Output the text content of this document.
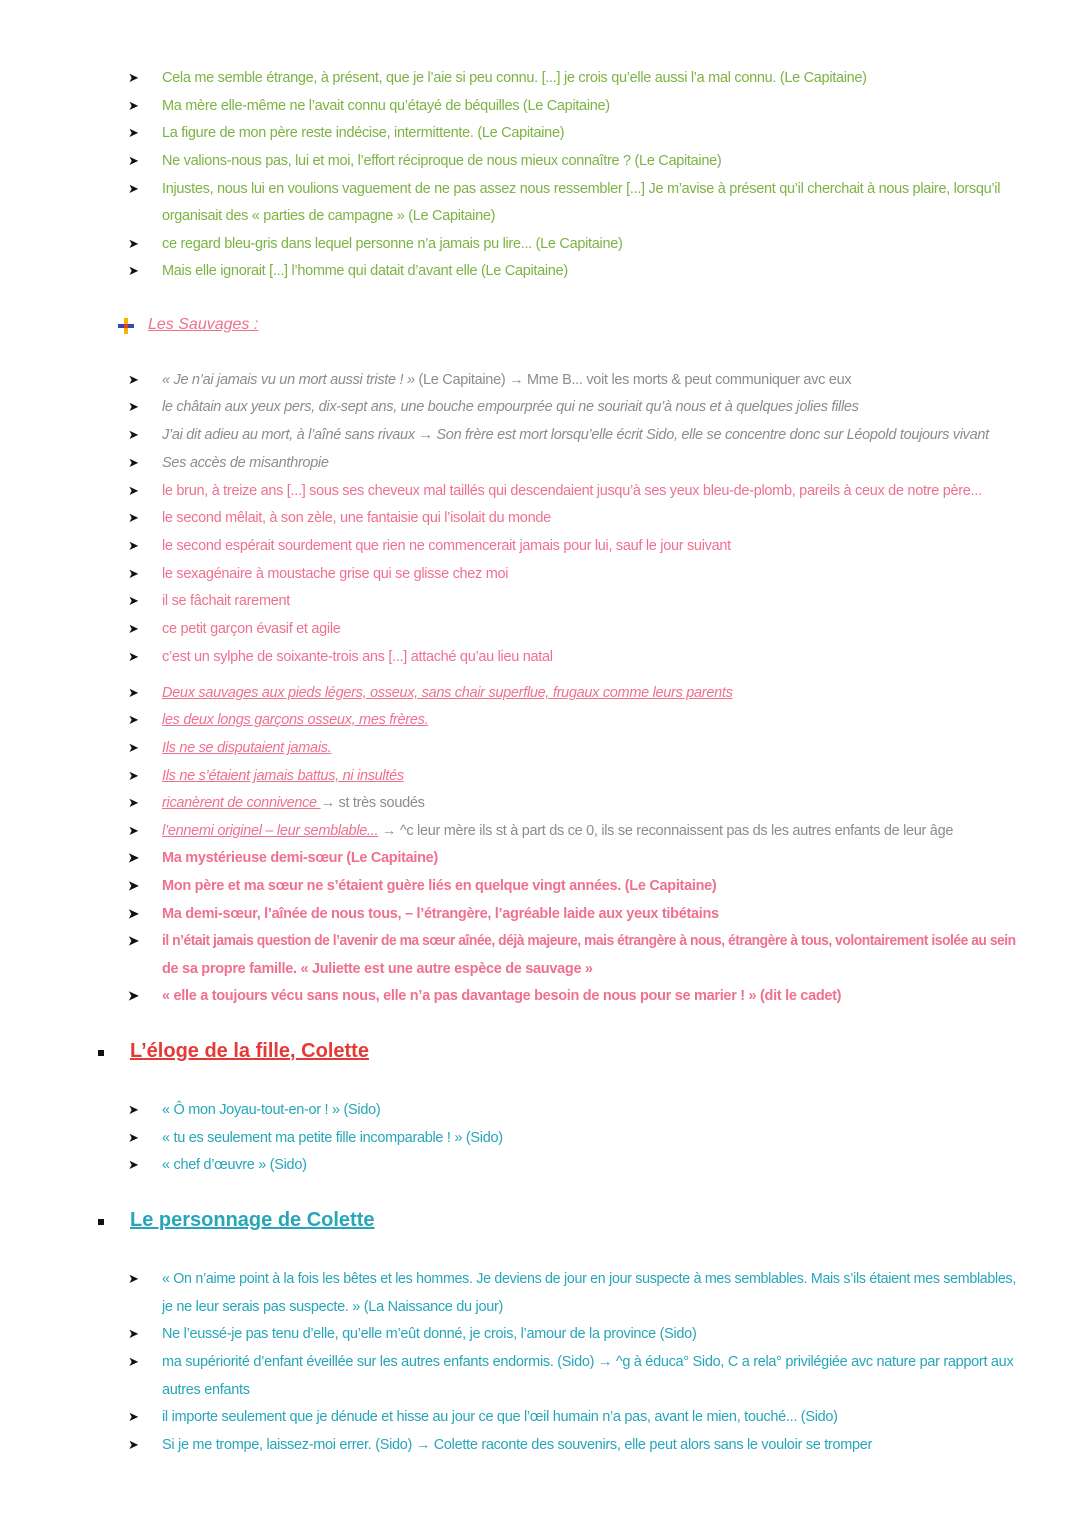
➤	Cela me semble étrange, à présent, que je l’aie si peu connu. [...] je crois qu’elle aussi l’a mal connu. (Le Capitaine)
➤	Ma mère elle-même ne l’avait connu qu’étayé de béquilles (Le Capitaine)
➤	La figure de mon père reste indécise, intermittente. (Le Capitaine)
➤	Ne valions-nous pas, lui et moi, l’effort réciproque de nous mieux connaître ? (Le Capitaine)
➤	Injustes, nous lui en voulions vaguement de ne pas assez nous ressembler [...] Je m’avise à présent qu’il cherchait à nous plaire, lorsqu’il
organisait des « parties de campagne » (Le Capitaine)
➤	ce regard bleu-gris dans lequel personne n’a jamais pu lire... (Le Capitaine)
➤	Mais elle ignorait [...] l’homme qui datait d’avant elle (Le Capitaine)
Les Sauvages :
➤	« Je n’ai jamais vu un mort aussi triste ! » (Le Capitaine) → Mme B... voit les morts & peut communiquer avc eux
➤	le châtain aux yeux pers, dix-sept ans, une bouche empourprée qui ne souriait qu’à nous et à quelques jolies filles
➤	J’ai dit adieu au mort, à l’aîné sans rivaux → Son frère est mort lorsqu’elle écrit Sido, elle se concentre donc sur Léopold toujours vivant
➤	Ses accès de misanthropie
➤	le brun, à treize ans [...] sous ses cheveux mal taillés qui descendaient jusqu’à ses yeux bleu-de-plomb, pareils à ceux de notre père...
➤	le second mêlait, à son zèle, une fantaisie qui l’isolait du monde
➤	le second espérait sourdement que rien ne commencerait jamais pour lui, sauf le jour suivant
➤	le sexagénaire à moustache grise qui se glisse chez moi
➤	il se fâchait rarement
➤	ce petit garçon évasif et agile
➤	c’est un sylphe de soixante-trois ans [...] attaché qu’au lieu natal
➤	Deux sauvages aux pieds légers, osseux, sans chair superflue, frugaux comme leurs parents
➤	les deux longs garçons osseux, mes frères.
➤	Ils ne se disputaient jamais.
➤	Ils ne s’étaient jamais battus, ni insultés
➤	ricanèrent de connivence → st très soudés
➤	l’ennemi originel – leur semblable... → ^c leur mère ils st à part ds ce 0, ils se reconnaissent pas ds les autres enfants de leur âge
➤	Ma mystérieuse demi-sœur (Le Capitaine)
➤	Mon père et ma sœur ne s’étaient guère liés en quelque vingt années. (Le Capitaine)
➤	Ma demi-sœur, l’aînée de nous tous, – l’étrangère, l’agréable laide aux yeux tibétains
➤	il n’était jamais question de l’avenir de ma sœur aînée, déjà majeure, mais étrangère à nous, étrangère à tous, volontairement isolée au sein
de sa propre famille. « Juliette est une autre espèce de sauvage »
➤	« elle a toujours vécu sans nous, elle n’a pas davantage besoin de nous pour se marier ! » (dit le cadet)
L’éloge de la fille, Colette
➤	« Ô mon Joyau-tout-en-or ! » (Sido)
➤	« tu es seulement ma petite fille incomparable ! » (Sido)
➤	« chef d’œuvre » (Sido)
Le personnage de Colette
➤	« On n’aime point à la fois les bêtes et les hommes. Je deviens de jour en jour suspecte à mes semblables. Mais s’ils étaient mes semblables,
je ne leur serais pas suspecte. » (La Naissance du jour)
➤	Ne l’eussé-je pas tenu d’elle, qu’elle m’eût donné, je crois, l’amour de la province (Sido)
➤	ma supériorité d’enfant éveillée sur les autres enfants endormis. (Sido) → ^g à éduca° Sido, C a rela° privilégiée avc nature par rapport aux
autres enfants
➤	il importe seulement que je dénude et hisse au jour ce que l’œil humain n’a pas, avant le mien, touché... (Sido)
➤	Si je me trompe, laissez-moi errer. (Sido) → Colette raconte des souvenirs, elle peut alors sans le vouloir se tromper
